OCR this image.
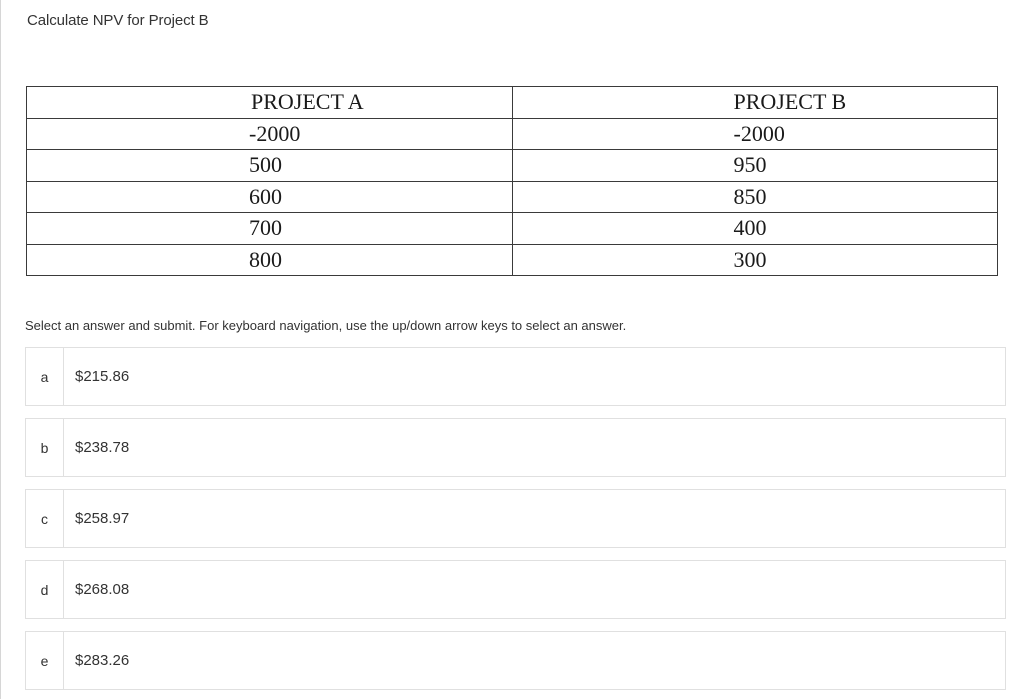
Calculate NPV for Project B
PROJECT A	PROJECT B
-2000	-2000
500	950
600	850
700	400
800	300
Select an answer and submit. For keyboard navigation, use the up/down arrow keys to select an answer.
a	$215.86
b	$238.78
c	$258.97
d	$268.08
e	$283.26
